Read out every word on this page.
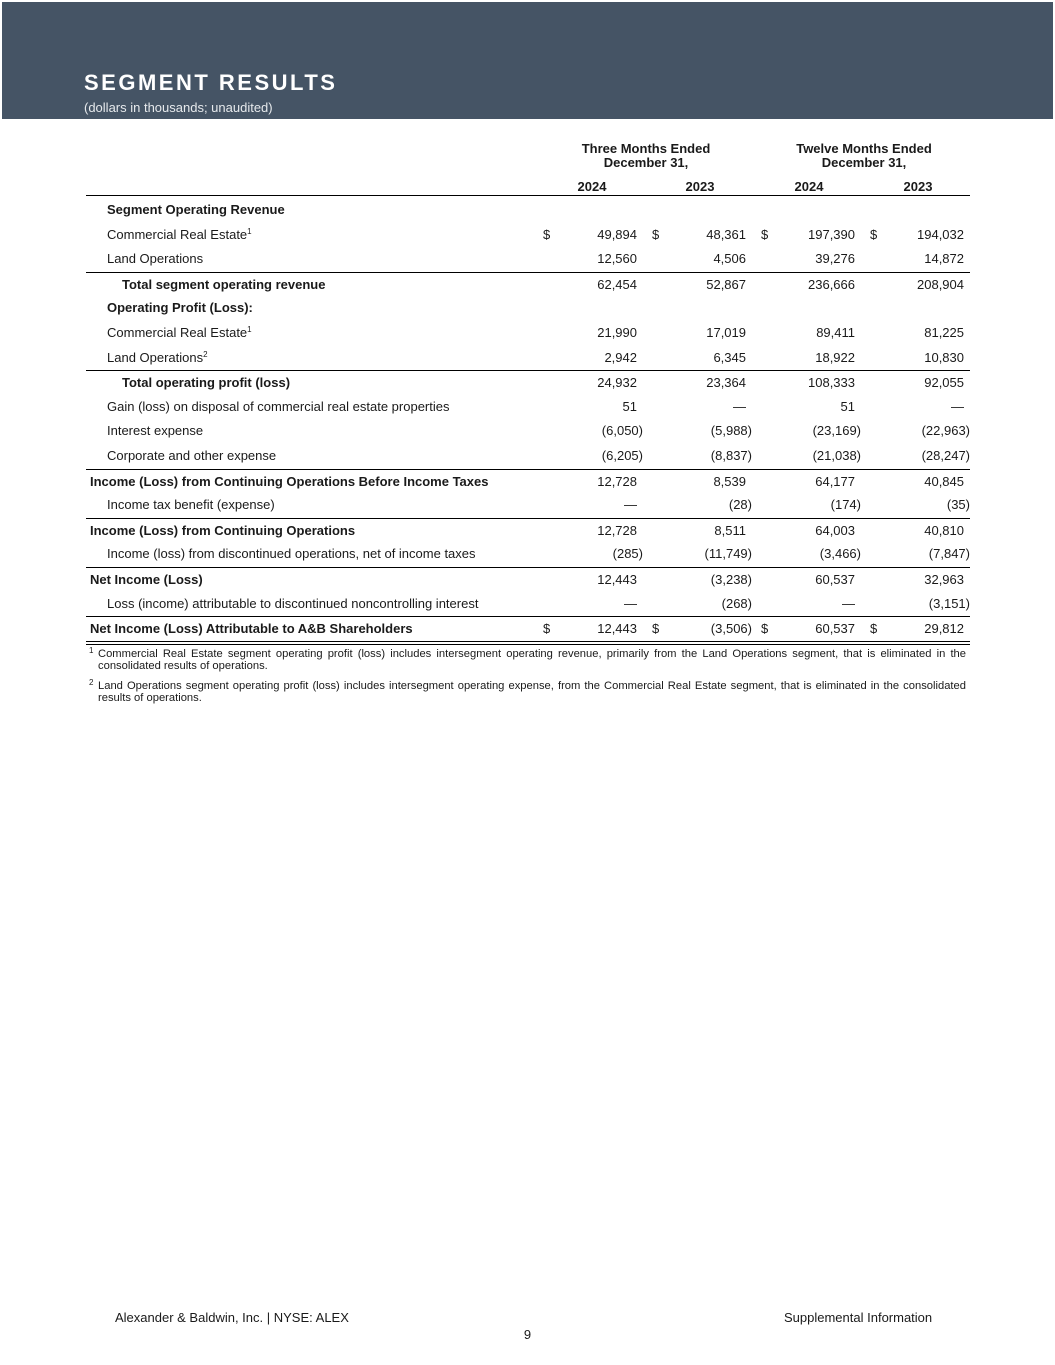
SEGMENT RESULTS
(dollars in thousands; unaudited)
Three Months Ended
December 31,
Twelve Months Ended
December 31,
2024	2023	2024	2023
Segment Operating Revenue
Commercial Real Estate$^1$	$	49,894 $	48,361 $	197,390 $	194,032
Land Operations	12,560	4,506	39,276	14,872
Total segment operating revenue	62,454	52,867	236,666	208,904
Operating Profit (Loss):
Commercial Real Estate$^1$	21,990	17,019	89,411	81,225
Land Operations$^2$	2,942	6,345	18,922	10,830
Total operating profit (loss)	24,932	23,364	108,333	92,055
Gain (loss) on disposal of commercial real estate properties	51	—	51	—
Interest expense	(6,050)	(5,988)	(23,169)	(22,963)
Corporate and other expense	(6,205)	(8,837)	(21,038)	(28,247)
Income (Loss) from Continuing Operations Before Income Taxes	12,728	8,539	64,177	40,845
Income tax benefit (expense)	—	(28)	(174)	(35)
Income (Loss) from Continuing Operations	12,728	8,511	64,003	40,810
Income (loss) from discontinued operations, net of income taxes	(285)	(11,749)	(3,466)	(7,847)
Net Income (Loss)	12,443	(3,238)	60,537	32,963
Loss (income) attributable to discontinued noncontrolling interest	—	(268)	—	(3,151)
Net Income (Loss) Attributable to A&B Shareholders	$	12,443 $	(3,506) $	60,537 $	29,812
1 Commercial Real Estate segment operating profit (loss) includes intersegment operating revenue, primarily from the Land Operations segment, that is eliminated in the consolidated results of operations.
2 Land Operations segment operating profit (loss) includes intersegment operating expense, from the Commercial Real Estate segment, that is eliminated in the consolidated results of operations.
Alexander & Baldwin, Inc. | NYSE: ALEX	Supplemental Information
9
